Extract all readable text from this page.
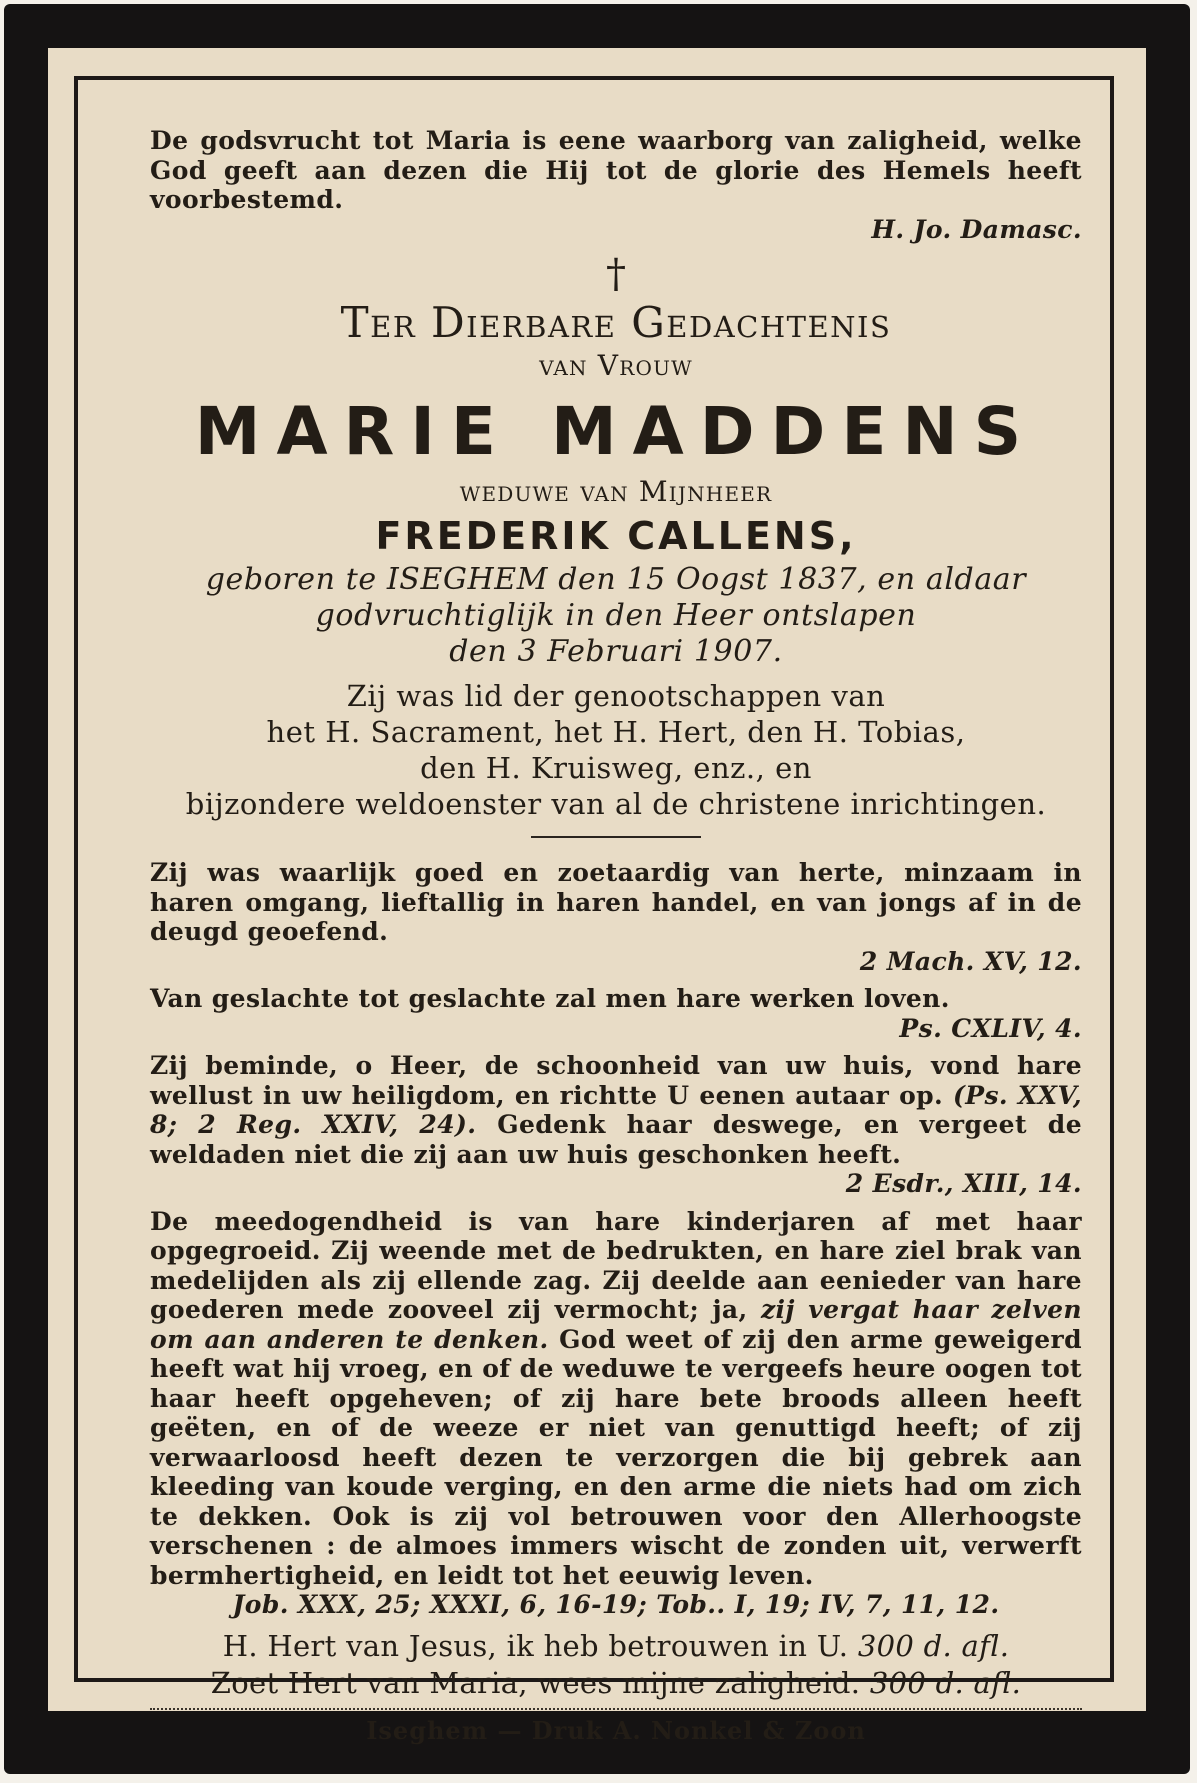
De godsvrucht tot Maria is eene waarborg van zaligheid, welke God geeft aan dezen die Hij tot de glorie des Hemels heeft voorbestemd.
H. Jo. Damasc.

†
Ter Dierbare Gedachtenis
van Vrouw
MARIE MADDENS
weduwe van Mijnheer
FREDERIK CALLENS,
geboren te ISEGHEM den 15 Oogst 1837, en aldaar
godvruchtiglijk in den Heer ontslapen
den 3 Februari 1907.
Zij was lid der genootschappen van
het H. Sacrament, het H. Hert, den H. Tobias,
den H. Kruisweg, enz., en
bijzondere weldoenster van al de christene inrichtingen.

Zij was waarlijk goed en zoetaardig van herte, minzaam in haren omgang, lieftallig in haren handel, en van jongs af in de deugd geoefend.
2 Mach. XV, 12.

Van geslachte tot geslachte zal men hare werken loven.
Ps. CXLIV, 4.

Zij beminde, o Heer, de schoonheid van uw huis, vond hare wellust in uw heiligdom, en richtte U eenen autaar op. (Ps. XXV, 8; 2 Reg. XXIV, 24). Gedenk haar deswege, en vergeet de weldaden niet die zij aan uw huis geschonken heeft.
2 Esdr., XIII, 14.

De meedogendheid is van hare kinderjaren af met haar opgegroeid. Zij weende met de bedrukten, en hare ziel brak van medelijden als zij ellende zag. Zij deelde aan eenieder van hare goederen mede zooveel zij vermocht; ja, zij vergat haar zelven om aan anderen te denken. God weet of zij den arme geweigerd heeft wat hij vroeg, en of de weduwe te vergeefs heure oogen tot haar heeft opgeheven; of zij hare bete broods alleen heeft geëten, en of de weeze er niet van genuttigd heeft; of zij verwaarloosd heeft dezen te verzorgen die bij gebrek aan kleeding van koude verging, en den arme die niets had om zich te dekken. Ook is zij vol betrouwen voor den Allerhoogste verschenen : de almoes immers wischt de zonden uit, verwerft bermhertigheid, en leidt tot het eeuwig leven.
Job. XXX, 25; XXXI, 6, 16-19; Tob.. I, 19; IV, 7, 11, 12.

H. Hert van Jesus, ik heb betrouwen in U. 300 d. afl.
Zoet Hert van Maria, wees mijne zaligheid. 300 d. afl.
Iseghem — Druk A. Nonkel & Zoon
